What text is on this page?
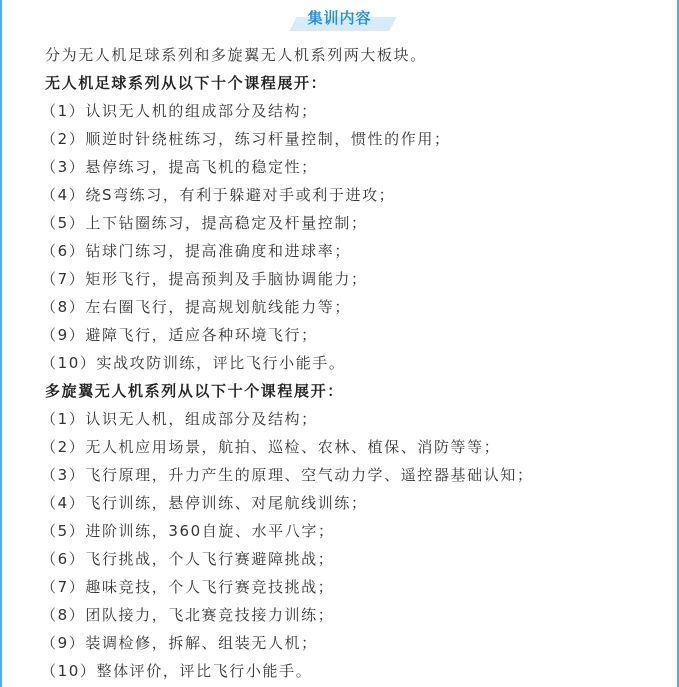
集训内容
分为无人机足球系列和多旋翼无人机系列两大板块。
无人机足球系列从以下十个课程展开：
（1）认识无人机的组成部分及结构；
（2）顺逆时针绕桩练习，练习杆量控制，惯性的作用；
（3）悬停练习，提高飞机的稳定性；
（4）绕S弯练习，有利于躲避对手或利于进攻；
（5）上下钻圈练习，提高稳定及杆量控制；
（6）钻球门练习，提高准确度和进球率；
（7）矩形飞行，提高预判及手脑协调能力；
（8）左右圈飞行，提高规划航线能力等；
（9）避障飞行，适应各种环境飞行；
（10）实战攻防训练，评比飞行小能手。
多旋翼无人机系列从以下十个课程展开：
（1）认识无人机，组成部分及结构；
（2）无人机应用场景，航拍、巡检、农林、植保、消防等等；
（3）飞行原理，升力产生的原理、空气动力学、遥控器基础认知；
（4）飞行训练，悬停训练、对尾航线训练；
（5）进阶训练，360自旋、水平八字；
（6）飞行挑战，个人飞行赛避障挑战；
（7）趣味竞技，个人飞行赛竞技挑战；
（8）团队接力，飞北赛竞技接力训练；
（9）装调检修，拆解、组装无人机；
（10）整体评价，评比飞行小能手。
